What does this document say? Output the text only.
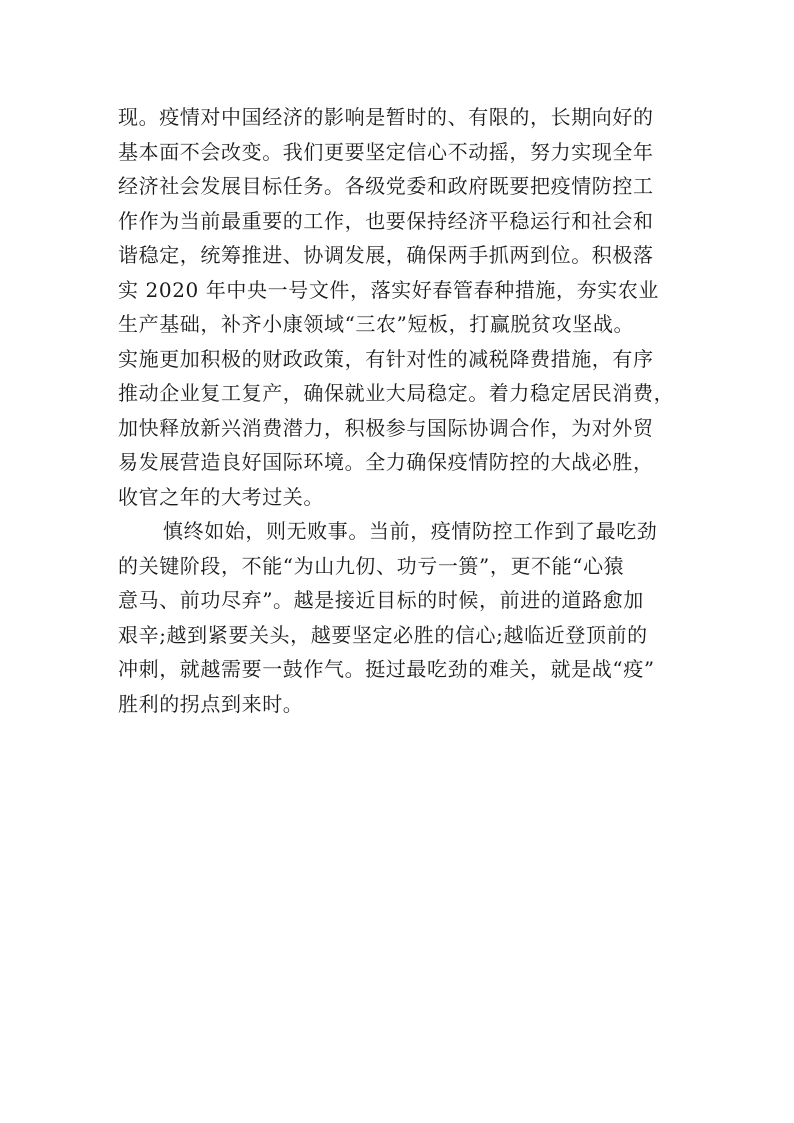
现。疫情对中国经济的影响是暂时的、有限的，长期向好的
基本面不会改变。我们更要坚定信心不动摇，努力实现全年
经济社会发展目标任务。各级党委和政府既要把疫情防控工
作作为当前最重要的工作，也要保持经济平稳运行和社会和
谐稳定，统筹推进、协调发展，确保两手抓两到位。积极落
实 2020 年中央一号文件，落实好春管春种措施，夯实农业
生产基础，补齐小康领域“三农”短板，打赢脱贫攻坚战。
实施更加积极的财政政策，有针对性的减税降费措施，有序
推动企业复工复产，确保就业大局稳定。着力稳定居民消费，
加快释放新兴消费潜力，积极参与国际协调合作，为对外贸
易发展营造良好国际环境。全力确保疫情防控的大战必胜，
收官之年的大考过关。
慎终如始，则无败事。当前，疫情防控工作到了最吃劲
的关键阶段，不能“为山九仞、功亏一篑”，更不能“心猿
意马、前功尽弃”。越是接近目标的时候，前进的道路愈加
艰辛;越到紧要关头，越要坚定必胜的信心;越临近登顶前的
冲刺，就越需要一鼓作气。挺过最吃劲的难关，就是战“疫”
胜利的拐点到来时。
